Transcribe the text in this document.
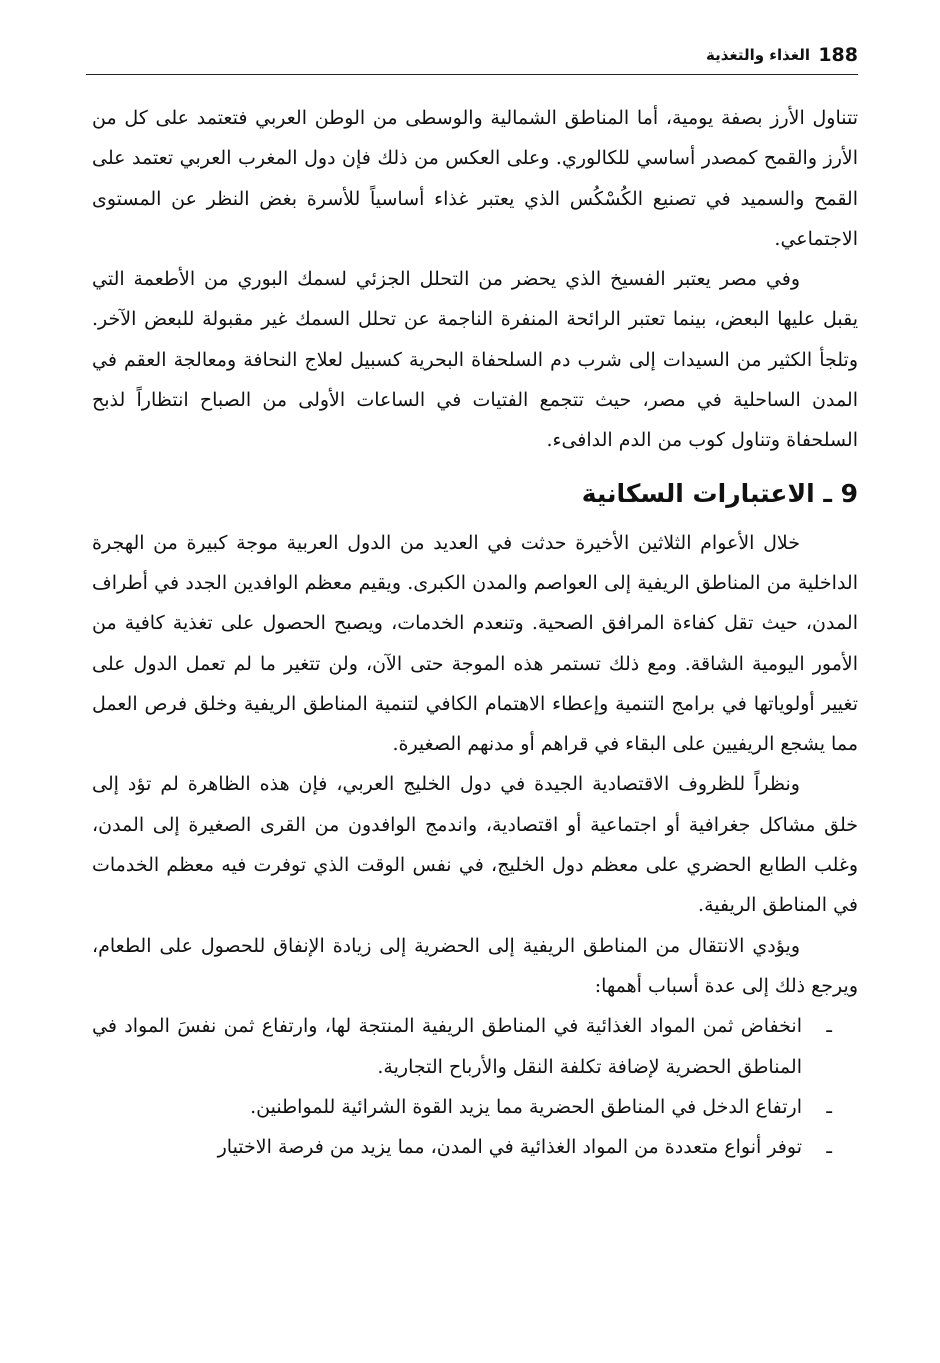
188
الغذاء والتغذية

تتناول الأرز بصفة يومية، أما المناطق الشمالية والوسطى من الوطن العربي فتعتمد على كل من الأرز والقمح كمصدر أساسي للكالوري. وعلى العكس من ذلك فإن دول المغرب العربي تعتمد على القمح والسميد في تصنيع الكُسْكُس الذي يعتبر غذاء أساسياً للأسرة بغض النظر عن المستوى الاجتماعي.

وفي مصر يعتبر الفسيخ الذي يحضر من التحلل الجزئي لسمك البوري من الأطعمة التي يقبل عليها البعض، بينما تعتبر الرائحة المنفرة الناجمة عن تحلل السمك غير مقبولة للبعض الآخر. وتلجأ الكثير من السيدات إلى شرب دم السلحفاة البحرية كسبيل لعلاج النحافة ومعالجة العقم في المدن الساحلية في مصر، حيث تتجمع الفتيات في الساعات الأولى من الصباح انتظاراً لذبح السلحفاة وتناول كوب من الدم الدافىء.

9 ـ الاعتبارات السكانية

خلال الأعوام الثلاثين الأخيرة حدثت في العديد من الدول العربية موجة كبيرة من الهجرة الداخلية من المناطق الريفية إلى العواصم والمدن الكبرى. ويقيم معظم الوافدين الجدد في أطراف المدن، حيث تقل كفاءة المرافق الصحية. وتنعدم الخدمات، ويصبح الحصول على تغذية كافية من الأمور اليومية الشاقة. ومع ذلك تستمر هذه الموجة حتى الآن، ولن تتغير ما لم تعمل الدول على تغيير أولوياتها في برامج التنمية وإعطاء الاهتمام الكافي لتنمية المناطق الريفية وخلق فرص العمل مما يشجع الريفيين على البقاء في قراهم أو مدنهم الصغيرة.

ونظراً للظروف الاقتصادية الجيدة في دول الخليج العربي، فإن هذه الظاهرة لم تؤد إلى خلق مشاكل جغرافية أو اجتماعية أو اقتصادية، واندمج الوافدون من القرى الصغيرة إلى المدن، وغلب الطابع الحضري على معظم دول الخليج، في نفس الوقت الذي توفرت فيه معظم الخدمات في المناطق الريفية.

ويؤدي الانتقال من المناطق الريفية إلى الحضرية إلى زيادة الإنفاق للحصول على الطعام، ويرجع ذلك إلى عدة أسباب أهمها:

ـ
انخفاض ثمن المواد الغذائية في المناطق الريفية المنتجة لها، وارتفاع ثمن نفسَ المواد في المناطق الحضرية لإضافة تكلفة النقل والأرباح التجارية.
ـ
ارتفاع الدخل في المناطق الحضرية مما يزيد القوة الشرائية للمواطنين.
ـ
توفر أنواع متعددة من المواد الغذائية في المدن، مما يزيد من فرصة الاختيار
